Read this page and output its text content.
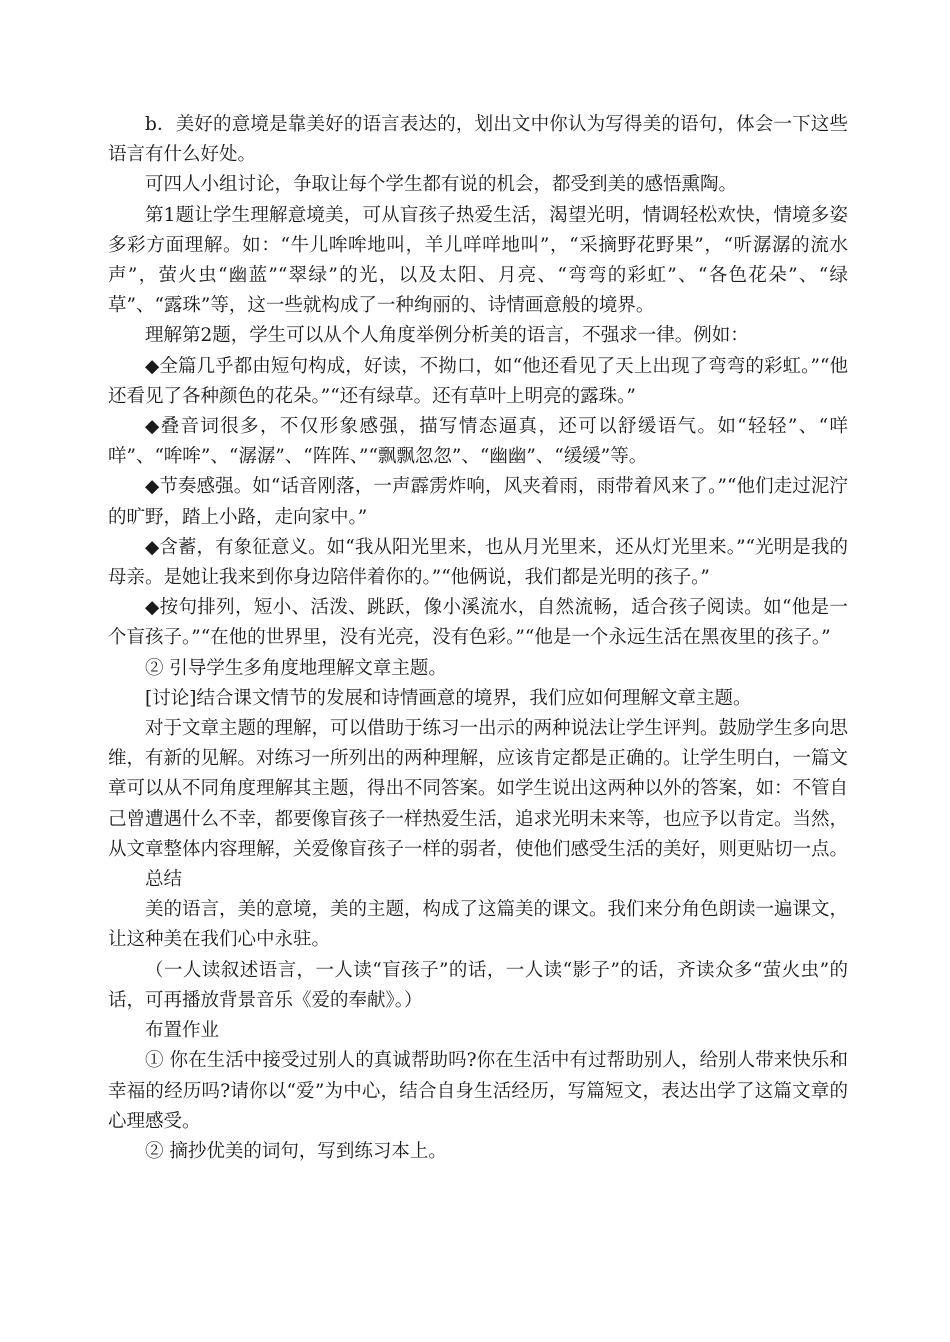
b．美好的意境是靠美好的语言表达的，划出文中你认为写得美的语句，体会一下这些语言有什么好处。

可四人小组讨论，争取让每个学生都有说的机会，都受到美的感悟熏陶。

第1题让学生理解意境美，可从盲孩子热爱生活，渴望光明，情调轻松欢快，情境多姿多彩方面理解。如：“牛儿哞哞地叫，羊儿咩咩地叫”，“采摘野花野果”，“听潺潺的流水声”，萤火虫“幽蓝”“翠绿”的光，以及太阳、月亮、“弯弯的彩虹”、“各色花朵”、“绿草”、“露珠”等，这一些就构成了一种绚丽的、诗情画意般的境界。

理解第2题，学生可以从个人角度举例分析美的语言，不强求一律。例如：

◆全篇几乎都由短句构成，好读，不拗口，如“他还看见了天上出现了弯弯的彩虹。”“他还看见了各种颜色的花朵。”“还有绿草。还有草叶上明亮的露珠。”

◆叠音词很多，不仅形象感强，描写情态逼真，还可以舒缓语气。如“轻轻”、“咩咩”、“哞哞”、“潺潺”、“阵阵、”“飘飘忽忽”、“幽幽”、“缓缓”等。

◆节奏感强。如“话音刚落，一声霹雳炸响，风夹着雨，雨带着风来了。”“他们走过泥泞的旷野，踏上小路，走向家中。”

◆含蓄，有象征意义。如“我从阳光里来，也从月光里来，还从灯光里来。”“光明是我的母亲。是她让我来到你身边陪伴着你的。”“他俩说，我们都是光明的孩子。”

◆按句排列，短小、活泼、跳跃，像小溪流水，自然流畅，适合孩子阅读。如“他是一个盲孩子。”“在他的世界里，没有光亮，没有色彩。”“他是一个永远生活在黑夜里的孩子。”

② 引导学生多角度地理解文章主题。

[讨论]结合课文情节的发展和诗情画意的境界，我们应如何理解文章主题。

对于文章主题的理解，可以借助于练习一出示的两种说法让学生评判。鼓励学生多向思维，有新的见解。对练习一所列出的两种理解，应该肯定都是正确的。让学生明白，一篇文章可以从不同角度理解其主题，得出不同答案。如学生说出这两种以外的答案，如：不管自己曾遭遇什么不幸，都要像盲孩子一样热爱生活，追求光明未来等，也应予以肯定。当然，从文章整体内容理解，关爱像盲孩子一样的弱者，使他们感受生活的美好，则更贴切一点。

总结

美的语言，美的意境，美的主题，构成了这篇美的课文。我们来分角色朗读一遍课文，让这种美在我们心中永驻。

（一人读叙述语言，一人读“盲孩子”的话，一人读“影子”的话，齐读众多“萤火虫”的话，可再播放背景音乐《爱的奉献》。）

布置作业

① 你在生活中接受过别人的真诚帮助吗?你在生活中有过帮助别人，给别人带来快乐和幸福的经历吗?请你以“爱”为中心，结合自身生活经历，写篇短文，表达出学了这篇文章的心理感受。

② 摘抄优美的词句，写到练习本上。
